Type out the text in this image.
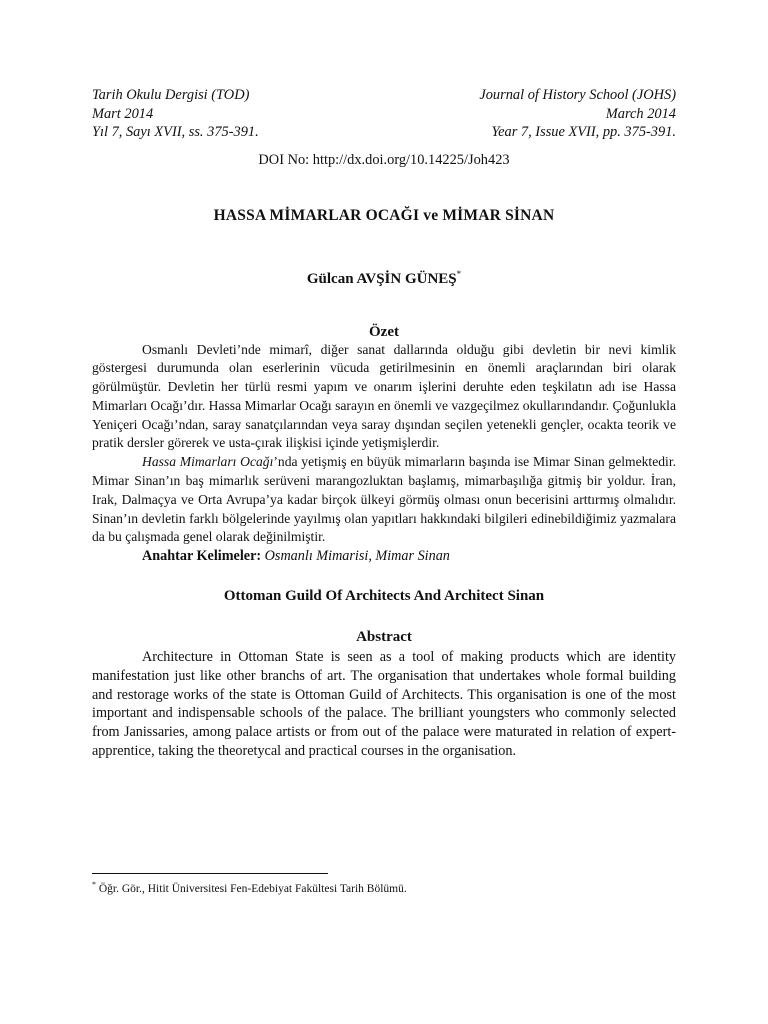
Tarih Okulu Dergisi (TOD)
Mart 2014
Yıl 7, Sayı XVII, ss. 375-391.
Journal of History School (JOHS)
March 2014
Year 7, Issue XVII, pp. 375-391.
DOI No: http://dx.doi.org/10.14225/Joh423
HASSA MİMARLAR OCAĞI ve MİMAR SİNAN
Gülcan AVŞİN GÜNEŞ*
Özet

Osmanlı Devleti’nde mimarî, diğer sanat dallarında olduğu gibi devletin bir nevi kimlik göstergesi durumunda olan eserlerinin vücuda getirilmesinin en önemli araçlarından biri olarak görülmüştür. Devletin her türlü resmi yapım ve onarım işlerini deruhte eden teşkilatın adı ise Hassa Mimarları Ocağı’dır. Hassa Mimarlar Ocağı sarayın en önemli ve vazgeçilmez okullarındandır. Çoğunlukla Yeniçeri Ocağı’ndan, saray sanatçılarından veya saray dışından seçilen yetenekli gençler, ocakta teorik ve pratik dersler görerek ve usta-çırak ilişkisi içinde yetişmişlerdir.

Hassa Mimarları Ocağı’nda yetişmiş en büyük mimarların başında ise Mimar Sinan gelmektedir. Mimar Sinan’ın baş mimarlık serüveni marangozluktan başlamış, mimarbaşılığa gitmiş bir yoldur. İran, Irak, Dalmaçya ve Orta Avrupa’ya kadar birçok ülkeyi görmüş olması onun becerisini arttırmış olmalıdır. Sinan’ın devletin farklı bölgelerinde yayılmış olan yapıtları hakkındaki bilgileri edinebildiğimiz yazmalara da bu çalışmada genel olarak değinilmiştir.

Anahtar Kelimeler: Osmanlı Mimarisi, Mimar Sinan

Ottoman Guild Of Architects And Architect Sinan
Abstract

Architecture in Ottoman State is seen as a tool of making products which are identity manifestation just like other branchs of art. The organisation that undertakes whole formal building and restorage works of the state is Ottoman Guild of Architects. This organisation is one of the most important and indispensable schools of the palace. The brilliant youngsters who commonly selected from Janissaries, among palace artists or from out of the palace were maturated in relation of expert-apprentice, taking the theoretycal and practical courses in the organisation.

* Öğr. Gör., Hitit Üniversitesi Fen-Edebiyat Fakültesi Tarih Bölümü.
